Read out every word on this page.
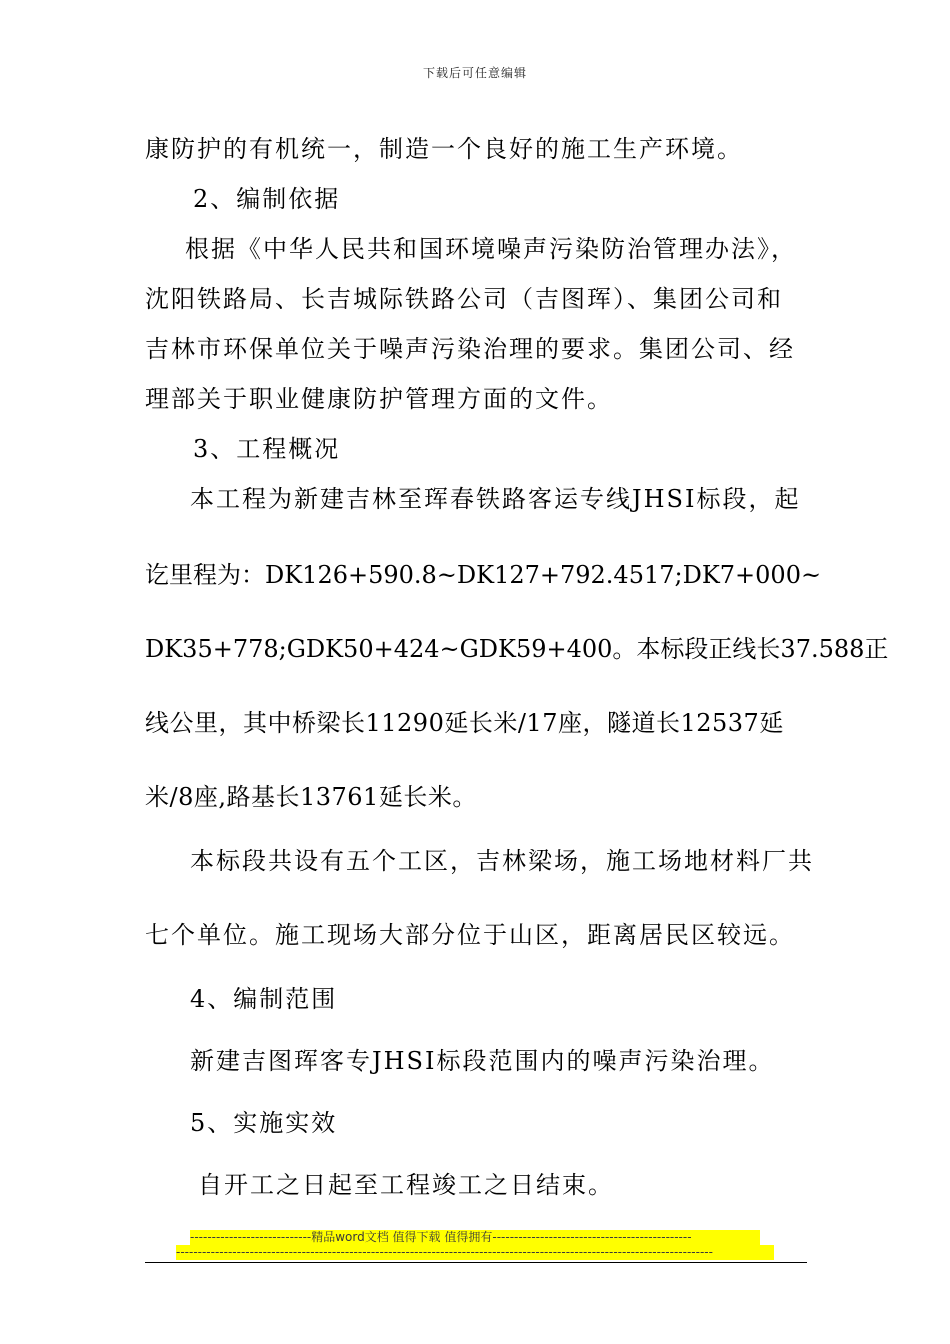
下载后可任意编辑
康防护的有机统一，制造一个良好的施工生产环境。
2、编制依据
根据《中华人民共和国环境噪声污染防治管理办法》，
沈阳铁路局、长吉城际铁路公司（吉图珲）、集团公司和
吉林市环保单位关于噪声污染治理的要求。集团公司、经
理部关于职业健康防护管理方面的文件。
3、工程概况
本工程为新建吉林至珲春铁路客运专线JHSⅠ标段，起
讫 里 程 为： DK126+590.8 ~ DK127+792.4517;DK7+000 ~
DK35+778;GDK50+424~GDK59+400。本标段正线长37.588正
线公里，其中桥梁长11290延长米/17座，隧道长12537延
米/8座,路基长13761延长米。
本标段共设有五个工区，吉林梁场，施工场地材料厂共
七个单位。施工现场大部分位于山区，距离居民区较远。
4、编制范围
新建吉图珲客专JHSⅠ标段范围内的噪声污染治理。
5、实施实效
自开工之日起至工程竣工之日结束。
----------------------------精品word文档 值得下载 值得拥有----------------------------------------------
----------------------------------------------------------------------------------------------------------------------------
